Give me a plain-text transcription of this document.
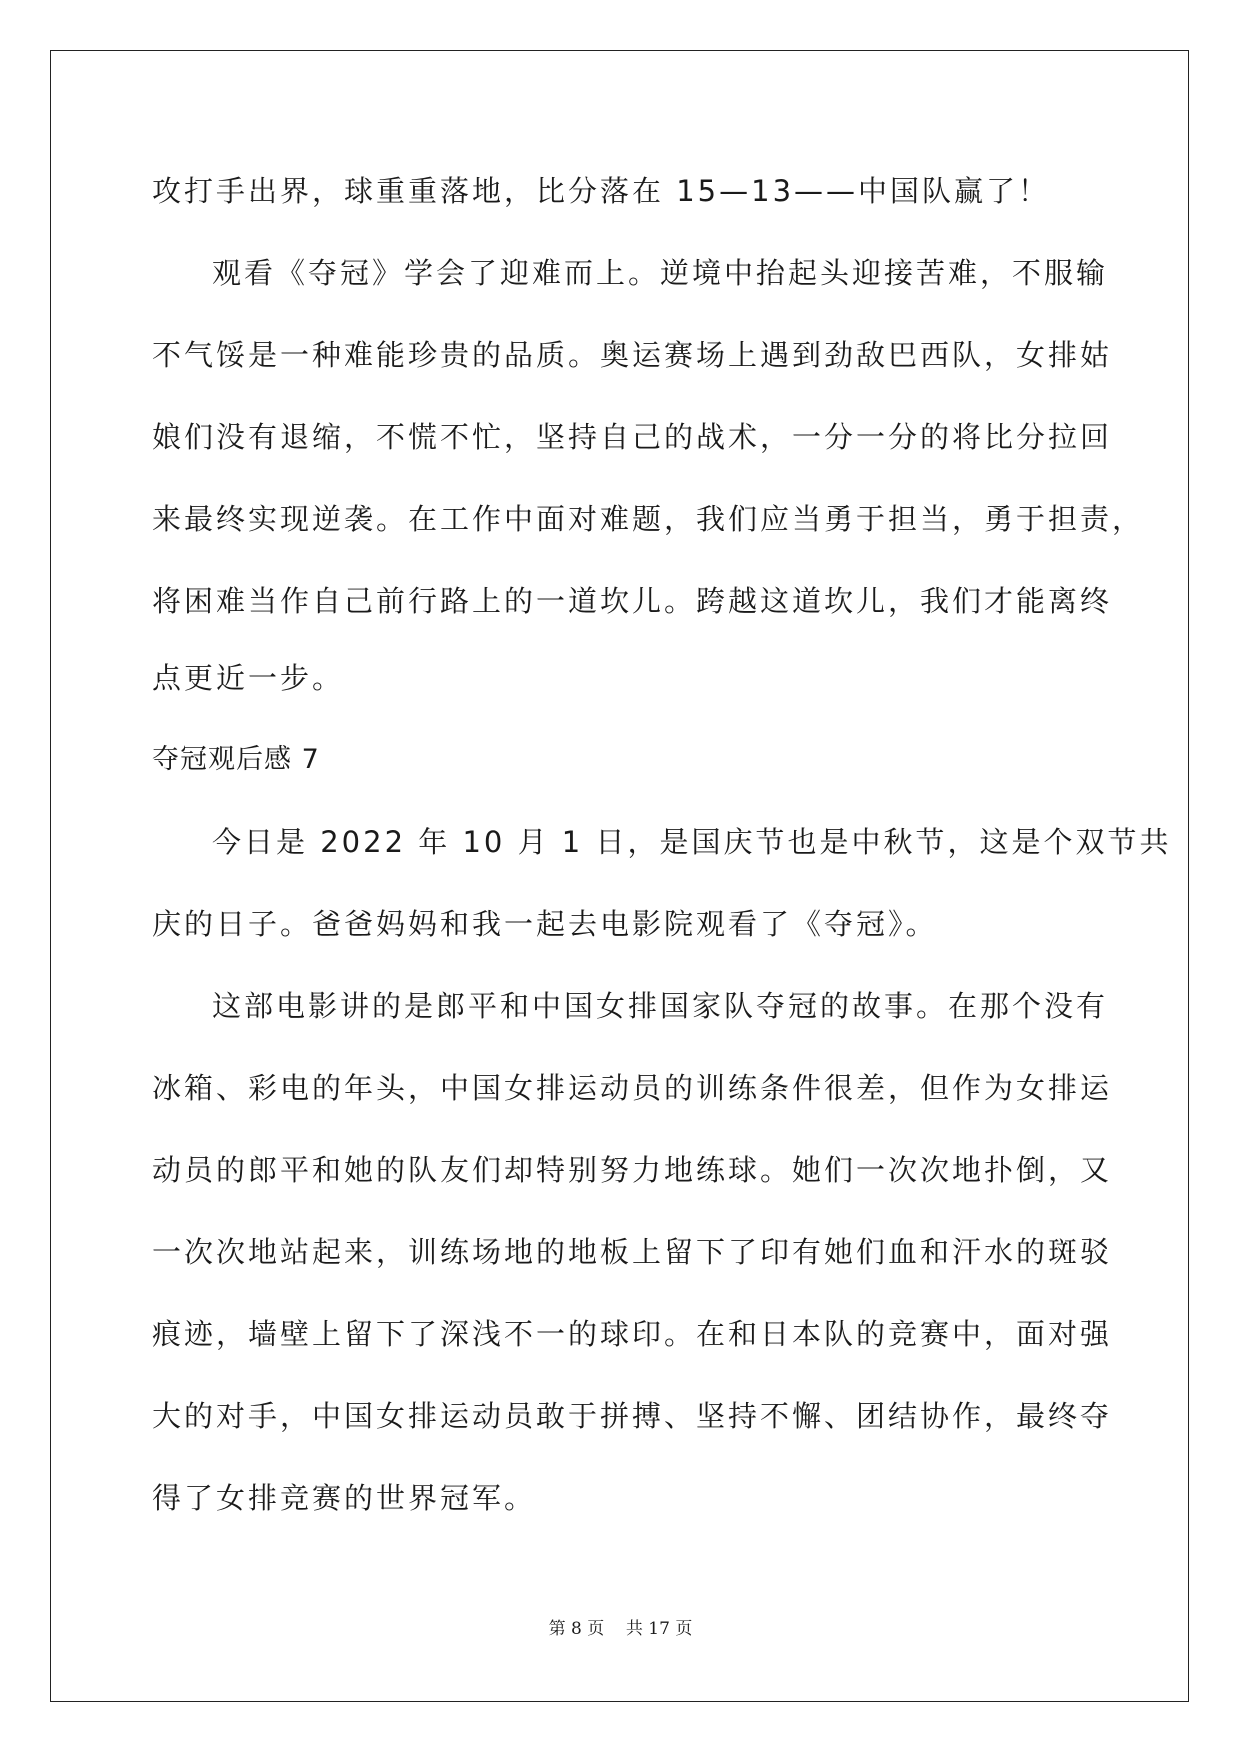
攻打手出界，球重重落地，比分落在 15—13——中国队赢了！
观看《夺冠》学会了迎难而上。逆境中抬起头迎接苦难，不服输
不气馁是一种难能珍贵的品质。奥运赛场上遇到劲敌巴西队，女排姑
娘们没有退缩，不慌不忙，坚持自己的战术，一分一分的将比分拉回
来最终实现逆袭。在工作中面对难题，我们应当勇于担当，勇于担责，
将困难当作自己前行路上的一道坎儿。跨越这道坎儿，我们才能离终
点更近一步。
夺冠观后感 7
今日是 2022 年 10 月 1 日，是国庆节也是中秋节，这是个双节共
庆的日子。爸爸妈妈和我一起去电影院观看了《夺冠》。
这部电影讲的是郎平和中国女排国家队夺冠的故事。在那个没有
冰箱、彩电的年头，中国女排运动员的训练条件很差，但作为女排运
动员的郎平和她的队友们却特别努力地练球。她们一次次地扑倒，又
一次次地站起来，训练场地的地板上留下了印有她们血和汗水的斑驳
痕迹，墙壁上留下了深浅不一的球印。在和日本队的竞赛中，面对强
大的对手，中国女排运动员敢于拼搏、坚持不懈、团结协作，最终夺
得了女排竞赛的世界冠军。
第 8 页    共 17 页
